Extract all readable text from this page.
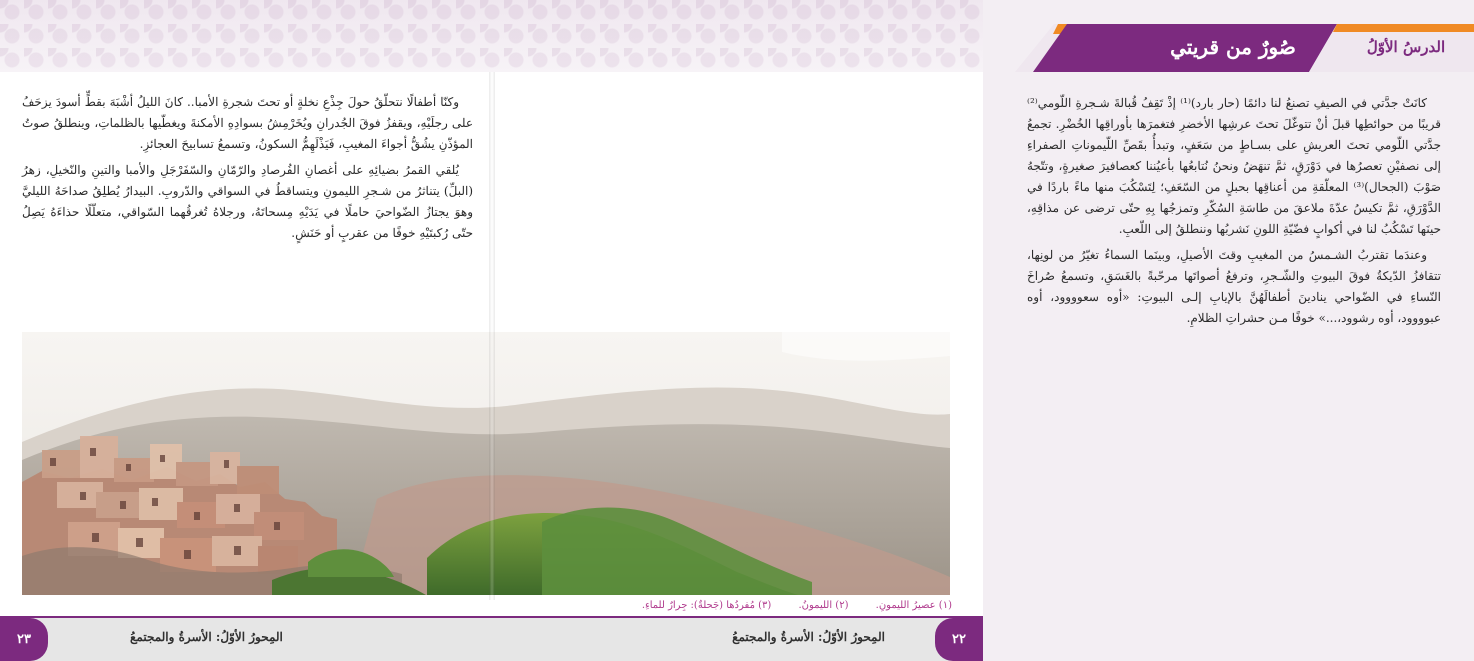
وكنّا أطفالًا نتحلّقُ حولَ جِذْعِ نخلةٍ أو تحتَ شجرةِ الأمبا.. كانَ الليلُ أشْبَهَ بقطٍّ أسودَ يزحَفُ على رجلَيْهِ، ويقفزُ فوقَ الجُدرانِ ويُخَرْمِشُ بسوادِهِ الأمكنةَ ويغطّيها بالظلماتِ، وينطلقُ صوتُ المؤذّنِ يشُقُّ أجواءَ المغيبِ، فَيَذْلَهِمُّ السكونُ، وتسمعُ تسابيحَ العجائزِ.

يُلقي القمرُ بضيائِهِ على أغصانِ الفُرصادِ والرّمّانِ والسّفَرْجَلِ والأمبا والتينِ والنّخيلِ، زهرُ (البلِّ) يتناثرُ من شـجرِ الليمونِ ويتساقطُ في السواقي والدّروبِ. البيدارُ يُطلِقُ صداحَهُ الليليَّ وهوَ يجتازُ الضّواحيَ حاملًا في يَدَيْهِ مِسحاتَهُ، ورجلاهُ تُغرقُهما السّواقي، متعلّلًا حذاءَهُ يَصِلُ حتّى رُكبتَيْهِ خوفًا من عقربٍ أو حَنَشٍ.

صُورٌ من قريتي	الدرسُ الأوّلُ

كانَتْ جدَّتي في الصيفِ تصنعُ لنا دائمًا (حار بارد)⁽¹⁾ إذْ تَقِفُ قُبالةَ شـجرةِ اللّومي⁽²⁾ قريبًا من حوائطِها قبلَ أنْ تتوغّلَ تحتَ عرشِها الأخضرِ فتغمرَها بأوراقِها الخُضْرِ. تجمعُ جدَّتي اللّومي تحتَ العريشِ على بسـاطٍ من سَعَفٍ، وتبدأُ بقَصِّ اللّيموناتِ الصفراءِ إلى نصفيْنِ تعصرُها في دَوْرَقٍ، ثمَّ تنهَضُ ونحنُ نُتابعُها بأعيُننا كعصافيرَ صغيرةٍ، وتتّجهُ صَوْبَ (الجحال)⁽³⁾ المعلّقةِ من أعناقِها بحبلٍ من السّعَفِ؛ لِتَسْكُبَ منها ماءً باردًا في الدَّوْرَقِ، ثمَّ تكيسُ عدّةَ ملاعقَ من طاسَةِ السُكّرِ وتمزجُها بِهِ حتّى ترضى عن مذاقِهِ، حينَها تَسْكُبُ لنا في أكوابٍ فضّيّةِ اللونِ نَشربُها وننطلقُ إلى اللّعبِ.

وعندَما تقتربُ الشـمسُ من المغيبِ وقتَ الأصيلِ، وبينَما السماءُ تغيّرُ من لونِها، تتقافزُ الدّيكةُ فوقَ البيوتِ والشّـجرِ، وترفعُ أصواتَها مرحّبةً بالغَسَقِ، وتسمعُ صُراخَ النّساءِ في الضّواحي ينادينَ أطفالَهُنَّ بالإيابِ إلـى البيوتِ: «أوه سعوووود، أوه عبوووود، أوه رشوود،...» خوفًا مـن حشراتِ الظلامِ.

(١) عصيرُ الليمونِ. (٢) الليمونُ. (٣) مُفردُها (جَحلةٌ): جِرارٌ للماءِ.
٢٣	المِحورُ الأوّلُ: الأسرةُ والمجتمعُ	المِحورُ الأوّلُ: الأسرةُ والمجتمعُ	٢٢
